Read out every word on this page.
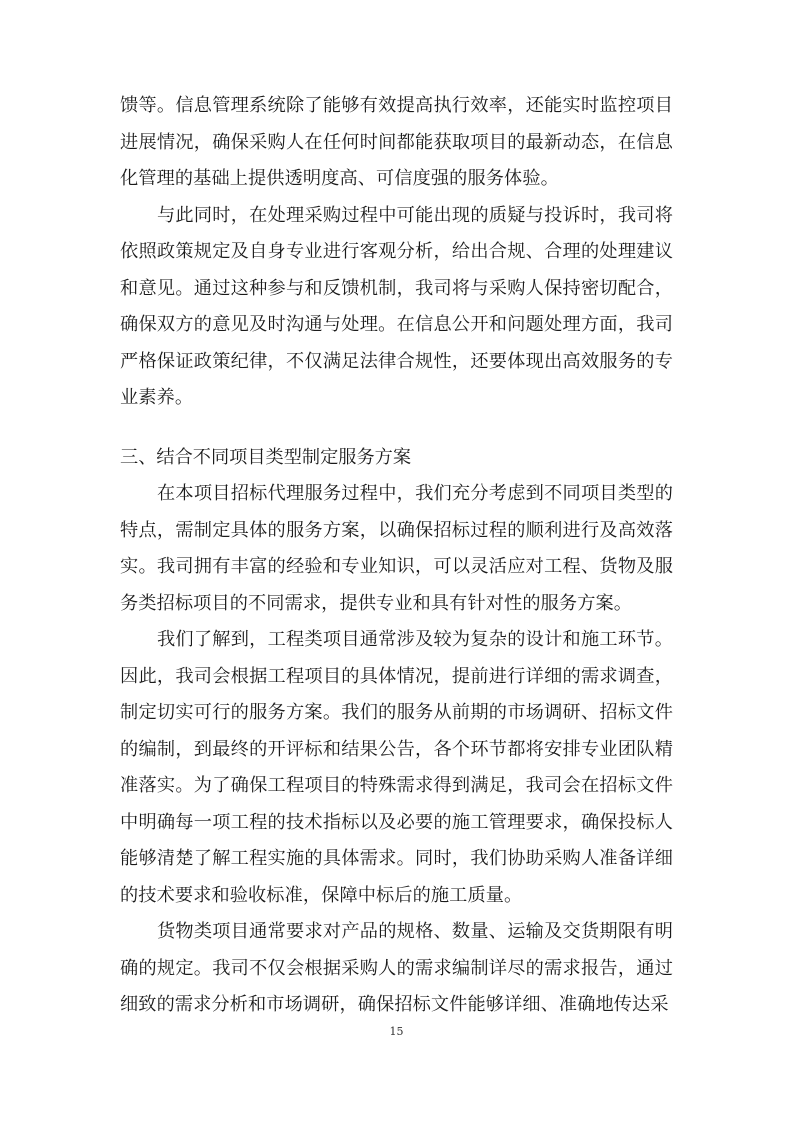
馈等。信息管理系统除了能够有效提高执行效率，还能实时监控项目进展情况，确保采购人在任何时间都能获取项目的最新动态，在信息化管理的基础上提供透明度高、可信度强的服务体验。

与此同时，在处理采购过程中可能出现的质疑与投诉时，我司将依照政策规定及自身专业进行客观分析，给出合规、合理的处理建议和意见。通过这种参与和反馈机制，我司将与采购人保持密切配合，确保双方的意见及时沟通与处理。在信息公开和问题处理方面，我司严格保证政策纪律，不仅满足法律合规性，还要体现出高效服务的专业素养。

三、结合不同项目类型制定服务方案

在本项目招标代理服务过程中，我们充分考虑到不同项目类型的特点，需制定具体的服务方案，以确保招标过程的顺利进行及高效落实。我司拥有丰富的经验和专业知识，可以灵活应对工程、货物及服务类招标项目的不同需求，提供专业和具有针对性的服务方案。

我们了解到，工程类项目通常涉及较为复杂的设计和施工环节。因此，我司会根据工程项目的具体情况，提前进行详细的需求调查，制定切实可行的服务方案。我们的服务从前期的市场调研、招标文件的编制，到最终的开评标和结果公告，各个环节都将安排专业团队精准落实。为了确保工程项目的特殊需求得到满足，我司会在招标文件中明确每一项工程的技术指标以及必要的施工管理要求，确保投标人能够清楚了解工程实施的具体需求。同时，我们协助采购人准备详细的技术要求和验收标准，保障中标后的施工质量。

货物类项目通常要求对产品的规格、数量、运输及交货期限有明确的规定。我司不仅会根据采购人的需求编制详尽的需求报告，通过细致的需求分析和市场调研，确保招标文件能够详细、准确地传达采

15
